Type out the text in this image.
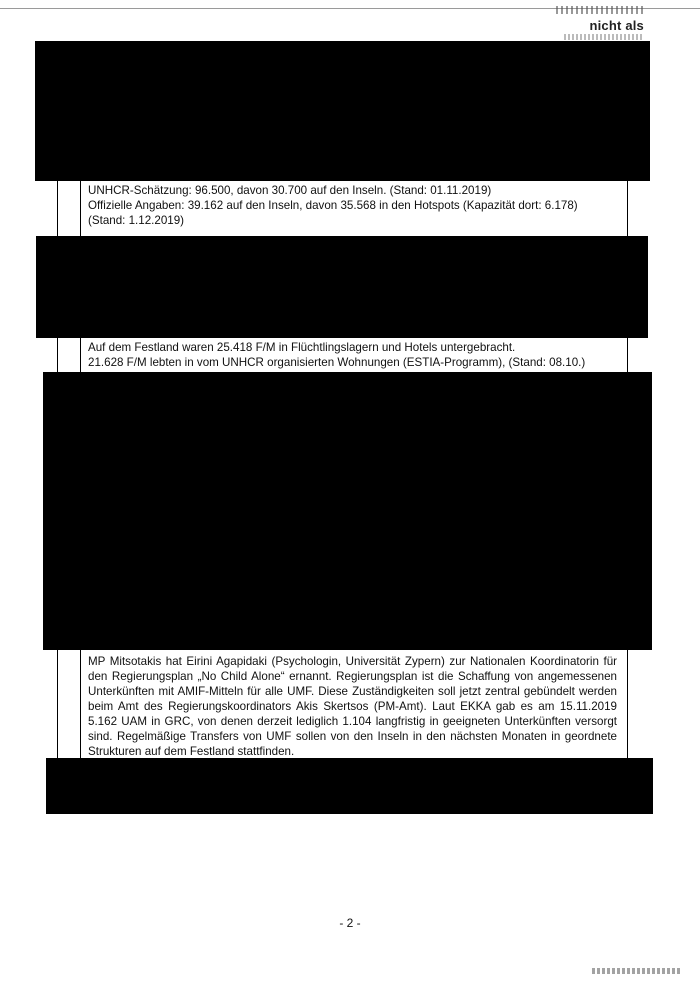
nicht als

UNHCR-Schätzung: 96.500, davon 30.700 auf den Inseln. (Stand: 01.11.2019)

Offizielle Angaben: 39.162 auf den Inseln, davon 35.568 in den Hotspots (Kapazität dort: 6.178)

(Stand: 1.12.2019)

Auf dem Festland waren 25.418 F/M in Flüchtlingslagern und Hotels untergebracht.

21.628 F/M lebten in vom UNHCR organisierten Wohnungen (ESTIA-Programm), (Stand: 08.10.)

MP Mitsotakis hat Eirini Agapidaki (Psychologin, Universität Zypern) zur Nationalen Koordinatorin für den Regierungsplan „No Child Alone“ ernannt. Regierungsplan ist die Schaffung von angemessenen Unterkünften mit AMIF-Mitteln für alle UMF. Diese Zuständigkeiten soll jetzt zentral gebündelt werden beim Amt des Regierungskoordinators Akis Skertsos (PM-Amt). Laut EKKA gab es am 15.11.2019 5.162 UAM in GRC, von denen derzeit lediglich 1.104 langfristig in geeigneten Unterkünften versorgt sind. Regelmäßige Transfers von UMF sollen von den Inseln in den nächsten Monaten in geordnete Strukturen auf dem Festland stattfinden.

- 2 -
